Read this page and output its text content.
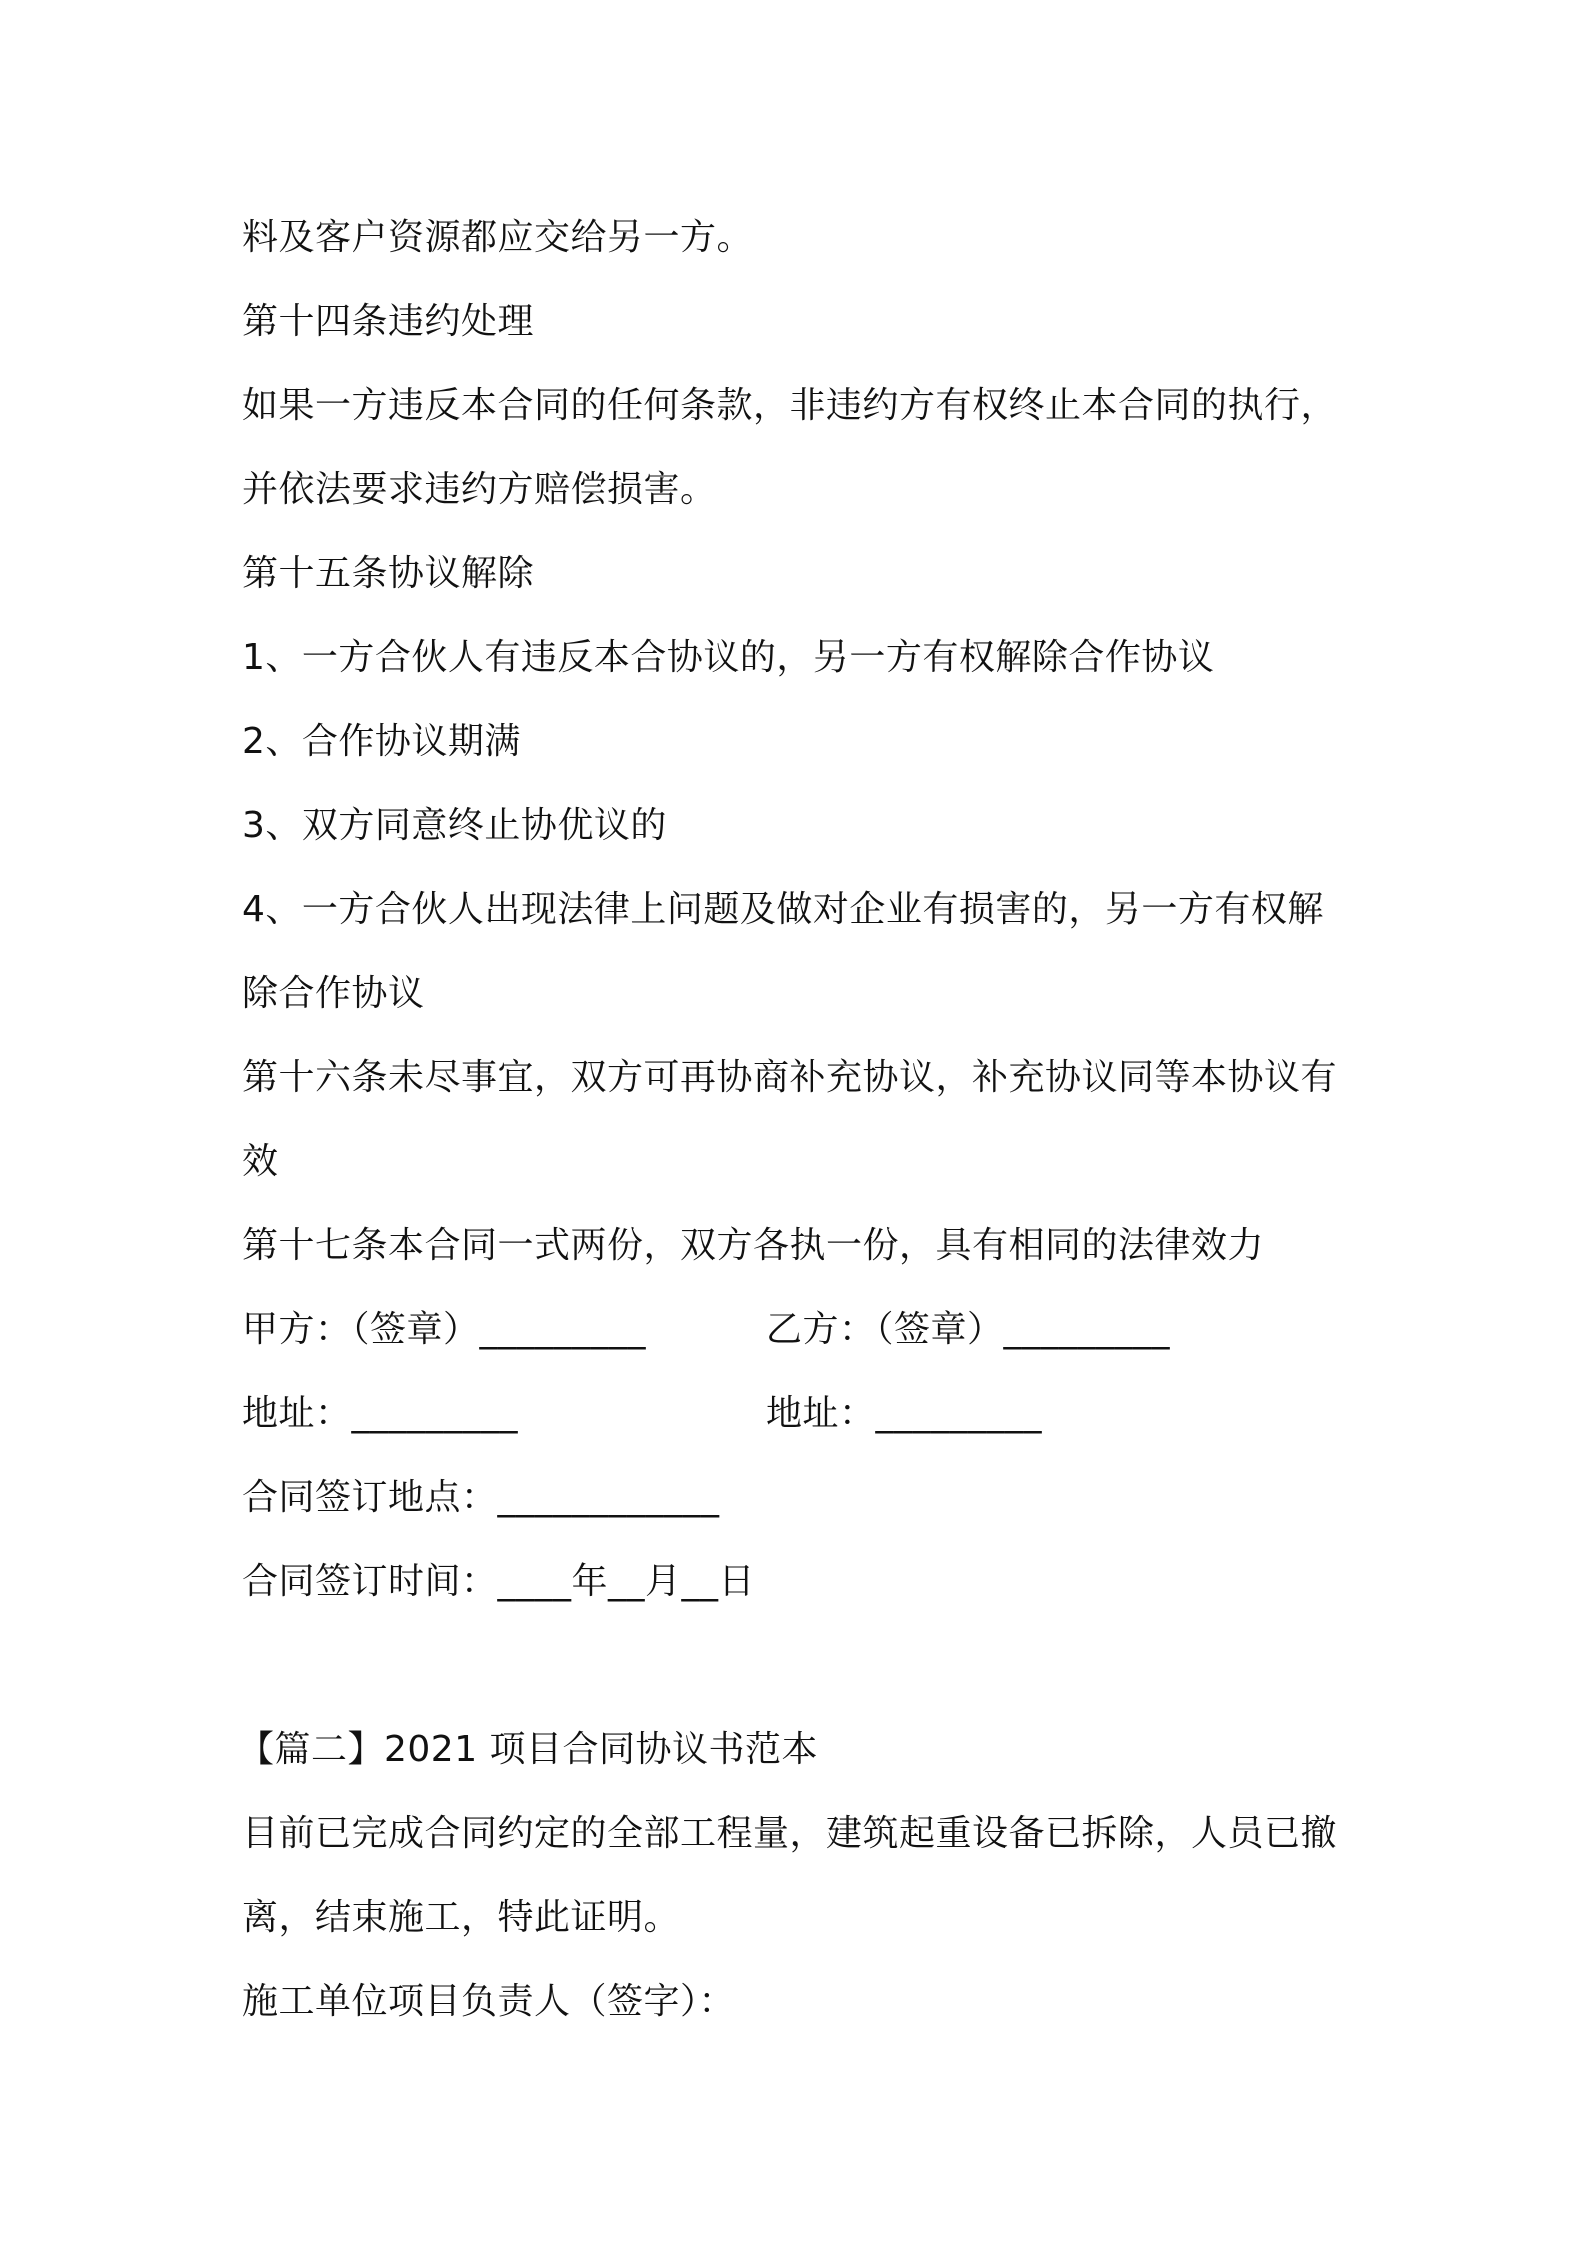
料及客户资源都应交给另一方。
第十四条违约处理
如果一方违反本合同的任何条款，非违约方有权终止本合同的执行，
并依法要求违约方赔偿损害。
第十五条协议解除
1、一方合伙人有违反本合协议的，另一方有权解除合作协议
2、合作协议期满
3、双方同意终止协优议的
4、一方合伙人出现法律上问题及做对企业有损害的，另一方有权解
除合作协议
第十六条未尽事宜，双方可再协商补充协议，补充协议同等本协议有
效
第十七条本合同一式两份，双方各执一份，具有相同的法律效力
甲方：（签章）_________	乙方：（签章）_________
地址：_________	地址：_________
合同签订地点：____________
合同签订时间：____年__月__日
【篇二】2021 项目合同协议书范本
目前已完成合同约定的全部工程量，建筑起重设备已拆除，人员已撤
离，结束施工，特此证明。
施工单位项目负责人（签字）：
